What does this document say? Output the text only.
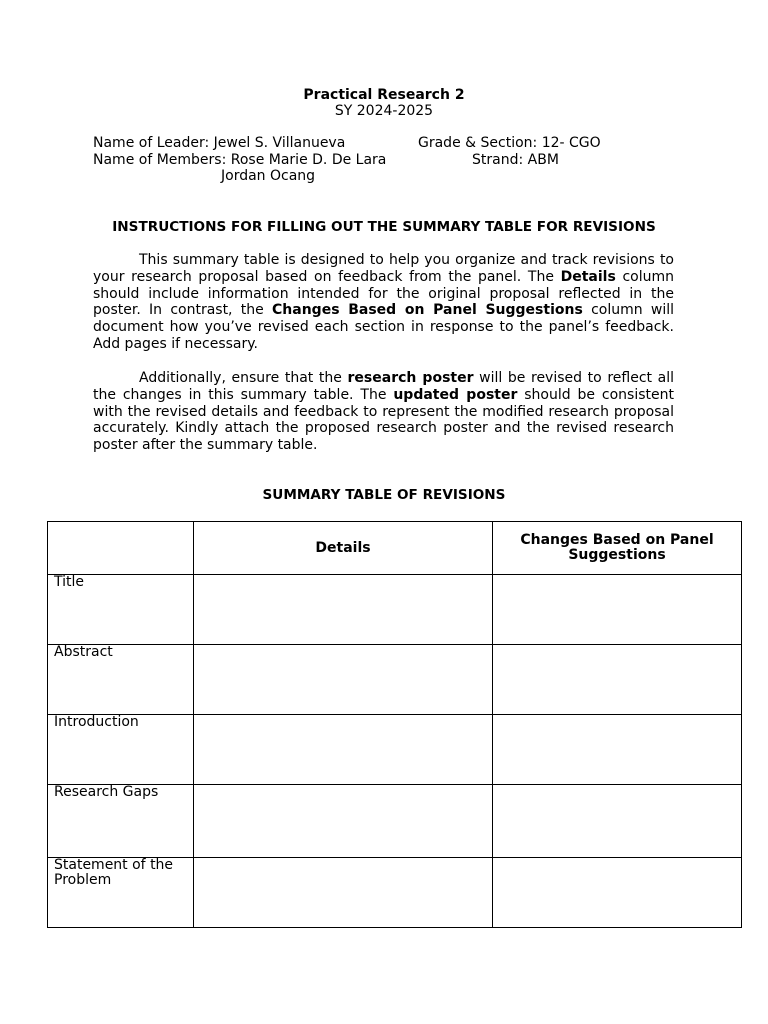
Practical Research 2
SY 2024-2025
Name of Leader: Jewel S. Villanueva	Grade & Section: 12- CGO
Name of Members: Rose Marie D. De Lara	Strand: ABM
Jordan Ocang
INSTRUCTIONS FOR FILLING OUT THE SUMMARY TABLE FOR REVISIONS
This summary table is designed to help you organize and track revisions to your research proposal based on feedback from the panel. The Details column should include information intended for the original proposal reflected in the poster. In contrast, the Changes Based on Panel Suggestions column will document how you’ve revised each section in response to the panel’s feedback. Add pages if necessary.
Additionally, ensure that the research poster will be revised to reflect all the changes in this summary table. The updated poster should be consistent with the revised details and feedback to represent the modified research proposal accurately. Kindly attach the proposed research poster and the revised research poster after the summary table.
SUMMARY TABLE OF REVISIONS
	Details	Changes Based on Panel Suggestions
Title		
Abstract		
Introduction		
Research Gaps		
Statement of the Problem		
